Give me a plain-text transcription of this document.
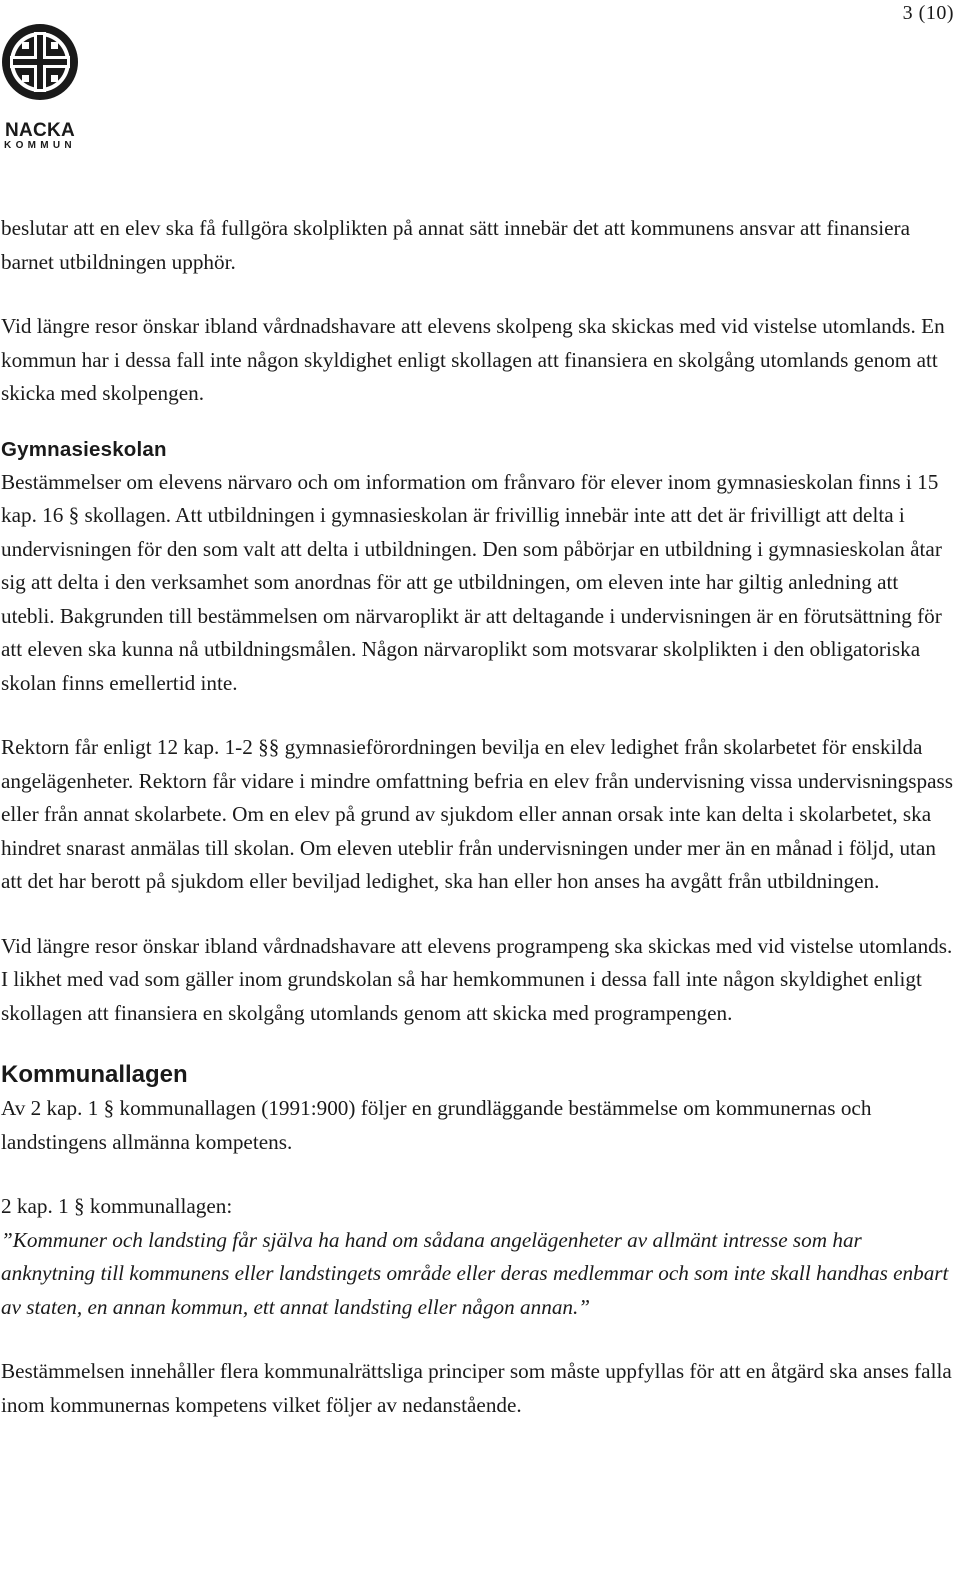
3 (10)
NACKA
KOMMUN

beslutar att en elev ska få fullgöra skolplikten på annat sätt innebär det att kommunens ansvar att finansiera barnet utbildningen upphör.

Vid längre resor önskar ibland vårdnadshavare att elevens skolpeng ska skickas med vid vistelse utomlands. En kommun har i dessa fall inte någon skyldighet enligt skollagen att finansiera en skolgång utomlands genom att skicka med skolpengen.

Gymnasieskolan

Bestämmelser om elevens närvaro och om information om frånvaro för elever inom gymnasieskolan finns i 15 kap. 16 § skollagen. Att utbildningen i gymnasieskolan är frivillig innebär inte att det är frivilligt att delta i undervisningen för den som valt att delta i utbildningen. Den som påbörjar en utbildning i gymnasieskolan åtar sig att delta i den verksamhet som anordnas för att ge utbildningen, om eleven inte har giltig anledning att utebli. Bakgrunden till bestämmelsen om närvaroplikt är att deltagande i undervisningen är en förutsättning för att eleven ska kunna nå utbildningsmålen. Någon närvaroplikt som motsvarar skolplikten i den obligatoriska skolan finns emellertid inte.

Rektorn får enligt 12 kap. 1-2 §§ gymnasieförordningen bevilja en elev ledighet från skolarbetet för enskilda angelägenheter. Rektorn får vidare i mindre omfattning befria en elev från undervisning vissa undervisningspass eller från annat skolarbete. Om en elev på grund av sjukdom eller annan orsak inte kan delta i skolarbetet, ska hindret snarast anmälas till skolan. Om eleven uteblir från undervisningen under mer än en månad i följd, utan att det har berott på sjukdom eller beviljad ledighet, ska han eller hon anses ha avgått från utbildningen.

Vid längre resor önskar ibland vårdnadshavare att elevens programpeng ska skickas med vid vistelse utomlands. I likhet med vad som gäller inom grundskolan så har hemkommunen i dessa fall inte någon skyldighet enligt skollagen att finansiera en skolgång utomlands genom att skicka med programpengen.

Kommunallagen

Av 2 kap. 1 § kommunallagen (1991:900) följer en grundläggande bestämmelse om kommunernas och landstingens allmänna kompetens.

2 kap. 1 § kommunallagen:

”Kommuner och landsting får själva ha hand om sådana angelägenheter av allmänt intresse som har anknytning till kommunens eller landstingets område eller deras medlemmar och som inte skall handhas enbart av staten, en annan kommun, ett annat landsting eller någon annan.”

Bestämmelsen innehåller flera kommunalrättsliga principer som måste uppfyllas för att en åtgärd ska anses falla inom kommunernas kompetens vilket följer av nedanstående.
